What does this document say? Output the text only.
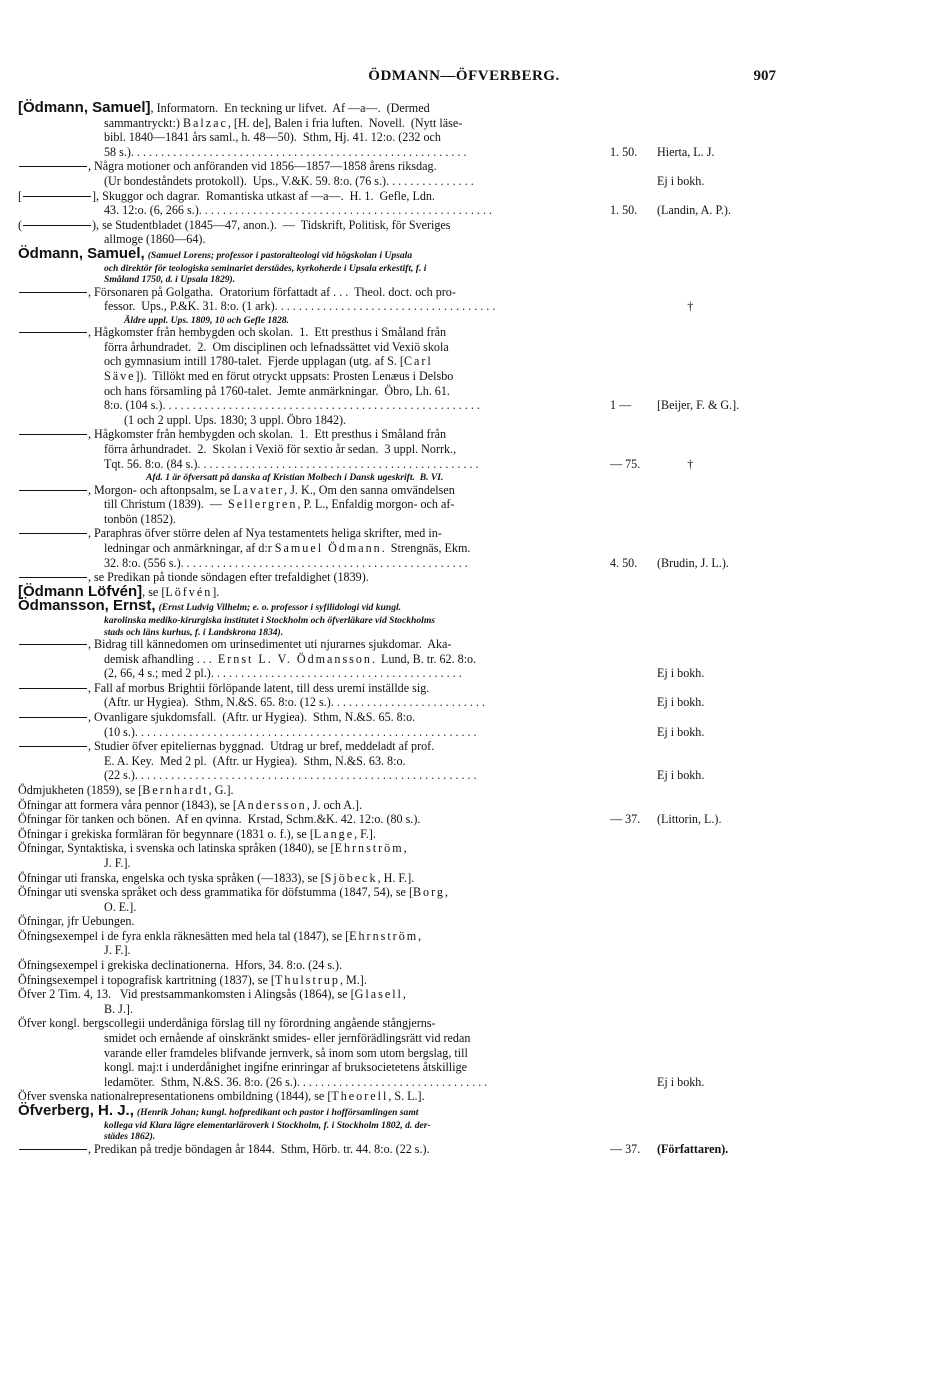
ÖDMANN—ÖFVERBERG.	907
[Ödmann, Samuel], Informatorn.  En teckning ur lifvet.  Af —a—.  (Dermed
sammantryckt:) Balzac, [H. de], Balen i fria luften.  Novell.  (Nytt läse-
bibl. 1840—1841 års saml., h. 48—50).  Sthm, Hj. 41. 12:o. (232 och
58 s.). . . . . . . . . . . . . . . . . . . . . . . . . . . . . . . . . . . . . . . . . . . . . . . . . . . . . . . .	1. 50. Hierta, L. J.
, Några motioner och anföranden vid 1856—1857—1858 årens riksdag.
(Ur bondeståndets protokoll).  Ups., V.&K. 59. 8:o. (76 s.). . . . . . . . . . . . . . .	Ej i bokh.
[	], Skuggor och dagrar.  Romantiska utkast af —a—.  H. 1.  Gefle, Ldn.
43. 12:o. (6, 266 s.). . . . . . . . . . . . . . . . . . . . . . . . . . . . . . . . . . . . . . . . . . . . . . . . .	1. 50. (Landin, A. P.).
(	), se Studentbladet (1845—47, anon.).  —  Tidskrift, Politisk, för Sveriges
allmoge (1860—64).
Ödmann, Samuel, (Samuel Lorens; professor i pastoralteologi vid högskolan i Upsala
och direktör för teologiska seminariet derstädes, kyrkoherde i Upsala erkestift, f. i
Småland 1750, d. i Upsala 1829).
, Försonaren på Golgatha.  Oratorium författadt af . . .  Theol. doct. och pro-
fessor.  Ups., P.&K. 31. 8:o. (1 ark). . . . . . . . . . . . . . . . . . . . . . . . . . . . . . . . . . . . .	†
Äldre uppl. Ups. 1809, 10 och Gefle 1828.
, Hågkomster från hembygden och skolan.  1.  Ett presthus i Småland från
förra århundradet.  2.  Om disciplinen och lefnadssättet vid Vexiö skola
och gymnasium intill 1780-talet.  Fjerde upplagan (utg. af S. [Carl
Säve]).  Tillökt med en förut otryckt uppsats: Prosten Lenæus i Delsbo
och hans församling på 1760-talet.  Jemte anmärkningar.  Öbro, Lh. 61.
8:o. (104 s.). . . . . . . . . . . . . . . . . . . . . . . . . . . . . . . . . . . . . . . . . . . . . . . . . . . . .	1 — [Beijer, F. & G.].
(1 och 2 uppl. Ups. 1830; 3 uppl. Öbro 1842).
, Hågkomster från hembygden och skolan.  1.  Ett presthus i Småland från
förra århundradet.  2.  Skolan i Vexiö för sextio år sedan.  3 uppl. Norrk.,
Tqt. 56. 8:o. (84 s.). . . . . . . . . . . . . . . . . . . . . . . . . . . . . . . . . . . . . . . . . . . . . . .	— 75. †
Afd. 1 är öfversatt på danska af Kristian Molbech i Dansk ugeskrift.  B. VI.
, Morgon- och aftonpsalm, se Lavater, J. K., Om den sanna omvändelsen
till Christum (1839).  —  Sellergren, P. L., Enfaldig morgon- och af-
tonbön (1852).
, Paraphras öfver större delen af Nya testamentets heliga skrifter, med in-
ledningar och anmärkningar, af d:r Samuel Ödmann.  Strengnäs, Ekm.
32. 8:o. (556 s.). . . . . . . . . . . . . . . . . . . . . . . . . . . . . . . . . . . . . . . . . . . . . . . .	4. 50. (Brudin, J. L.).
, se Predikan på tionde söndagen efter trefaldighet (1839).
[Ödmann Löfvén], se [Löfvén].
Ödmansson, Ernst, (Ernst Ludvig Vilhelm; e. o. professor i syfilidologi vid kungl.
karolinska mediko-kirurgiska institutet i Stockholm och öfverläkare vid Stockholms
stads och läns kurhus, f. i Landskrona 1834).
, Bidrag till kännedomen om urinsedimentet uti njurarnes sjukdomar.  Aka-
demisk afhandling . . .  Ernst L. V. Ödmansson.  Lund, B. tr. 62. 8:o.
(2, 66, 4 s.; med 2 pl.). . . . . . . . . . . . . . . . . . . . . . . . . . . . . . . . . . . . . . . . . .	Ej i bokh.
, Fall af morbus Brightii förlöpande latent, till dess uremi inställde sig.
(Aftr. ur Hygiea).  Sthm, N.&S. 65. 8:o. (12 s.). . . . . . . . . . . . . . . . . . . . . . . . . .	Ej i bokh.
, Ovanligare sjukdomsfall.  (Aftr. ur Hygiea).  Sthm, N.&S. 65. 8:o.
(10 s.). . . . . . . . . . . . . . . . . . . . . . . . . . . . . . . . . . . . . . . . . . . . . . . . . . . . . . . . .	Ej i bokh.
, Studier öfver epiteliernas byggnad.  Utdrag ur bref, meddeladt af prof.
E. A. Key.  Med 2 pl.  (Aftr. ur Hygiea).  Sthm, N.&S. 63. 8:o.
(22 s.). . . . . . . . . . . . . . . . . . . . . . . . . . . . . . . . . . . . . . . . . . . . . . . . . . . . . . . . .	Ej i bokh.
Ödmjukheten (1859), se [Bernhardt, G.].
Öfningar att formera våra pennor (1843), se [Andersson, J. och A.].
Öfningar för tanken och bönen.  Af en qvinna.  Krstad, Schm.&K. 42. 12:o. (80 s.).	— 37. (Littorin, L.).
Öfningar i grekiska formläran för begynnare (1831 o. f.), se [Lange, F.].
Öfningar, Syntaktiska, i svenska och latinska språken (1840), se [Ehrnström,
J. F.].
Öfningar uti franska, engelska och tyska språken (—1833), se [Sjöbeck, H. F.].
Öfningar uti svenska språket och dess grammatika för döfstumma (1847, 54), se [Borg,
O. E.].
Öfningar, jfr Uebungen.
Öfningsexempel i de fyra enkla räknesätten med hela tal (1847), se [Ehrnström,
J. F.].
Öfningsexempel i grekiska declinationerna.  Hfors, 34. 8:o. (24 s.).
Öfningsexempel i topografisk kartritning (1837), se [Thulstrup, M.].
Öfver 2 Tim. 4, 13.   Vid prestsammankomsten i Alingsås (1864), se [Glasell,
B. J.].
Öfver kongl. bergscollegii underdåniga förslag till ny förordning angående stångjerns-
smidet och ernående af oinskränkt smides- eller jernförädlingsrätt vid redan
varande eller framdeles blifvande jernverk, så inom som utom bergslag, till
kongl. maj:t i underdånighet ingifne erinringar af bruksocietetens åtskillige
ledamöter.  Sthm, N.&S. 36. 8:o. (26 s.). . . . . . . . . . . . . . . . . . . . . . . . . . . . . . . .	Ej i bokh.
Öfver svenska nationalrepresentationens ombildning (1844), se [Theorell, S. L.].
Öfverberg, H. J., (Henrik Johan; kungl. hofpredikant och pastor i hofförsamlingen samt
kollega vid Klara lägre elementarläroverk i Stockholm, f. i Stockholm 1802, d. der-
städes 1862).
, Predikan på tredje böndagen år 1844.  Sthm, Hörb. tr. 44. 8:o. (22 s.).	— 37. (Författaren).
